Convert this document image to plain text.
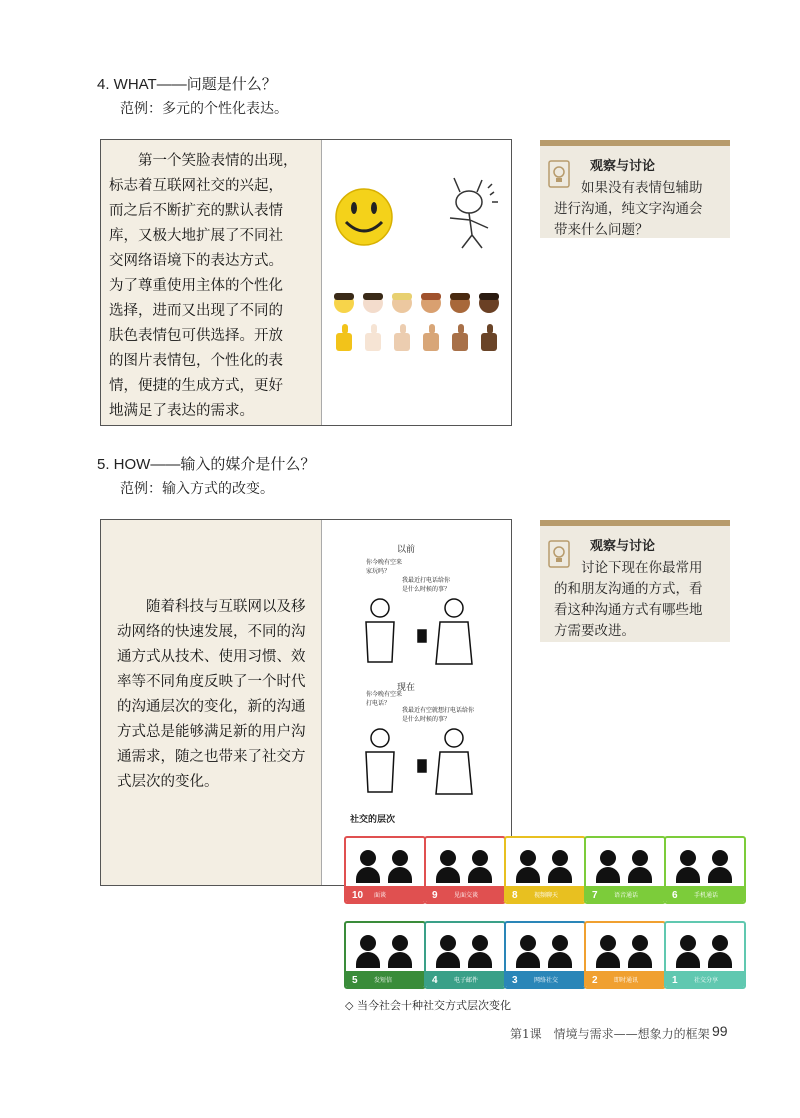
4. WHAT——问题是什么？
范例：多元的个性化表达。
　　第一个笑脸表情的出现，
标志着互联网社交的兴起，
而之后不断扩充的默认表情
库，又极大地扩展了不同社
交网络语境下的表达方式。
为了尊重使用主体的个性化
选择，进而又出现了不同的
肤色表情包可供选择。开放
的图片表情包，个性化的表
情，便捷的生成方式，更好
地满足了表达的需求。
观察与讨论
　　如果没有表情包辅助
进行沟通，纯文字沟通会
带来什么问题？
5. HOW——输入的媒介是什么？
范例：输入方式的改变。
　　随着科技与互联网以及移
动网络的快速发展，不同的沟
通方式从技术、使用习惯、效
率等不同角度反映了一个时代
的沟通层次的变化，新的沟通
方式总是能够满足新的用户沟
通需求，随之也带来了社交方
式层次的变化。
以前
你今晚有空来
家玩吗？
我最近打电话给你
是什么时候的事？
现在
你今晚有空来
打电话？
我最近有空就想打电话给你
是什么时候的事？
社交的层次
观察与讨论
　　讨论下现在你最常用
的和朋友沟通的方式，看
看这种沟通方式有哪些地
方需要改进。
10 面谈	9	见面交谈	8	视频聊天	7	语音通话	6	手机通话
5	发短信	4	电子邮件	3	网络社交	2	即时通讯	1	社交分享
◇ 当今社会十种社交方式层次变化
第1课　情境与需求——想象力的框架 99
